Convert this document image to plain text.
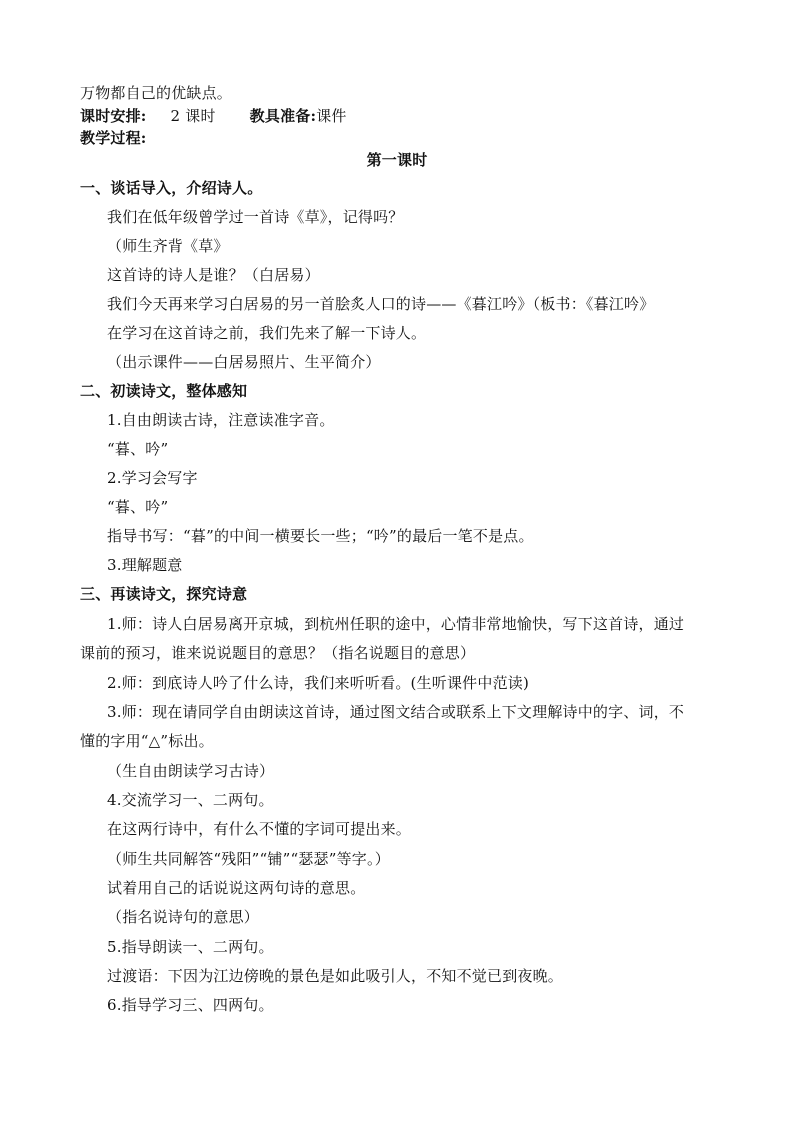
万物都自己的优缺点。
课时安排: 2 课时 教具准备:课件
教学过程:
第一课时
一、谈话导入，介绍诗人。
我们在低年级曾学过一首诗《草》，记得吗？
（师生齐背《草》
这首诗的诗人是谁？（白居易）
我们今天再来学习白居易的另一首脍炙人口的诗——《暮江吟》（板书：《暮江吟》
在学习在这首诗之前，我们先来了解一下诗人。
（出示课件——白居易照片、生平简介）
二、初读诗文，整体感知
1.自由朗读古诗，注意读准字音。
“暮、吟”
2.学习会写字
“暮、吟”
指导书写：“暮”的中间一横要长一些；“吟”的最后一笔不是点。
3.理解题意
三、再读诗文，探究诗意
1.师：诗人白居易离开京城，到杭州任职的途中，心情非常地愉快，写下这首诗，通过
课前的预习，谁来说说题目的意思？（指名说题目的意思）
2.师：到底诗人吟了什么诗，我们来听听看。(生听课件中范读)
3.师：现在请同学自由朗读这首诗，通过图文结合或联系上下文理解诗中的字、词，不
懂的字用“△”标出。
（生自由朗读学习古诗）
4.交流学习一、二两句。
在这两行诗中，有什么不懂的字词可提出来。
（师生共同解答“残阳”“铺”“瑟瑟”等字。）
试着用自己的话说说这两句诗的意思。
（指名说诗句的意思）
5.指导朗读一、二两句。
过渡语：下因为江边傍晚的景色是如此吸引人，不知不觉已到夜晚。
6.指导学习三、四两句。
